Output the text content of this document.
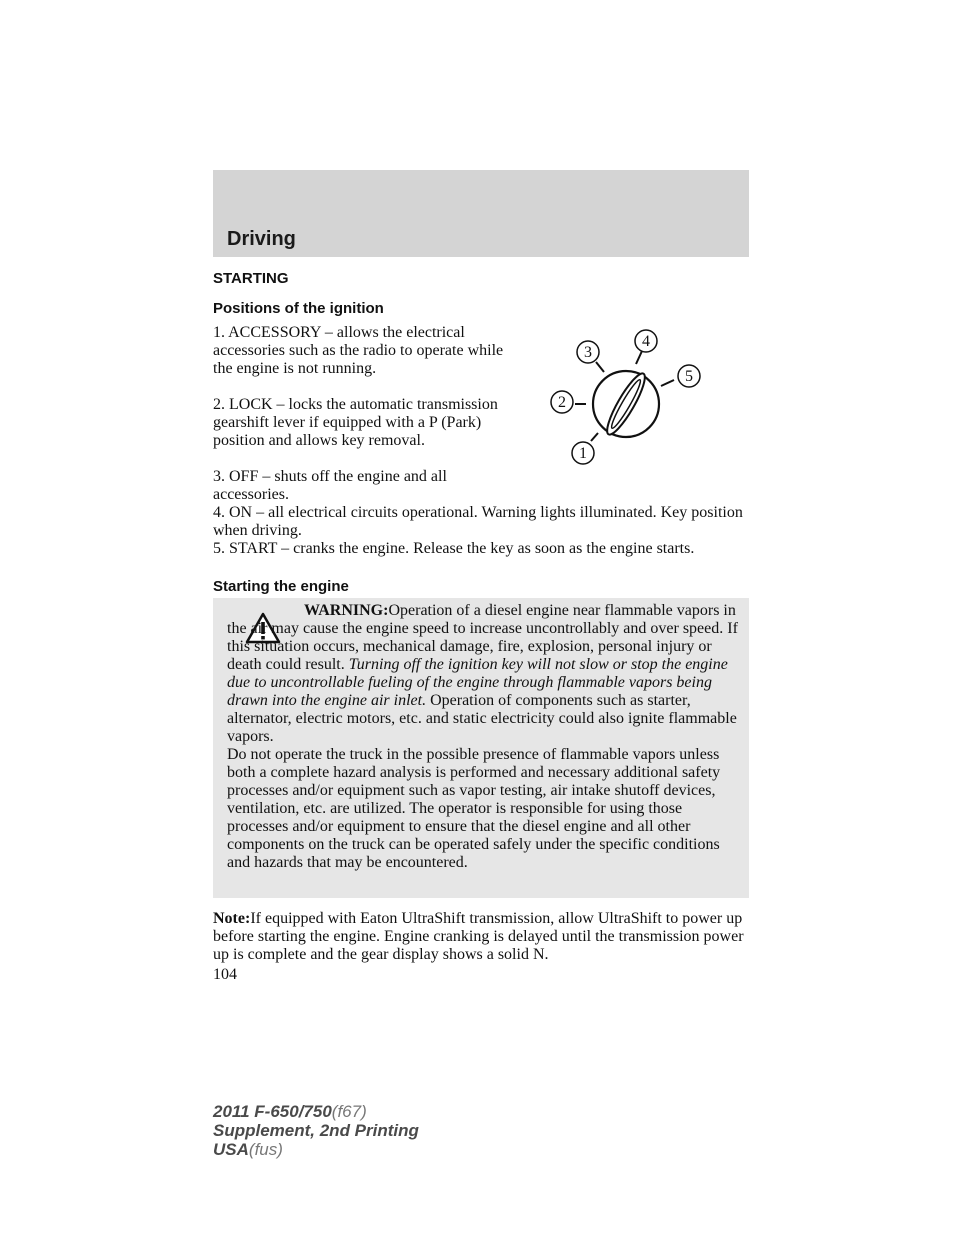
Driving
STARTING
Positions of the ignition

1. ACCESSORY – allows the electrical accessories such as the radio to operate while the engine is not running.

2. LOCK – locks the automatic transmission gearshift lever if equipped with a P (Park) position and allows key removal.

3. OFF – shuts off the engine and all accessories.

4. ON – all electrical circuits operational. Warning lights illuminated. Key position when driving.

5. START – cranks the engine. Release the key as soon as the engine starts.

1
2
3
4
5
Starting the engine

WARNING:Operation of a diesel engine near flammable vapors in the air may cause the engine speed to increase uncontrollably and over speed. If this situation occurs, mechanical damage, fire, explosion, personal injury or death could result. Turning off the ignition key will not slow or stop the engine due to uncontrollable fueling of the engine through flammable vapors being drawn into the engine air inlet. Operation of components such as starter, alternator, electric motors, etc. and static electricity could also ignite flammable vapors.

Do not operate the truck in the possible presence of flammable vapors unless both a complete hazard analysis is performed and necessary additional safety processes and/or equipment such as vapor testing, air intake shutoff devices, ventilation, etc. are utilized. The operator is responsible for using those processes and/or equipment to ensure that the diesel engine and all other components on the truck can be operated safely under the specific conditions and hazards that may be encountered.

Note:If equipped with Eaton UltraShift transmission, allow UltraShift to power up before starting the engine. Engine cranking is delayed until the transmission power up is complete and the gear display shows a solid N.

104
2011 F-650/750(f67)
Supplement, 2nd Printing
USA(fus)
